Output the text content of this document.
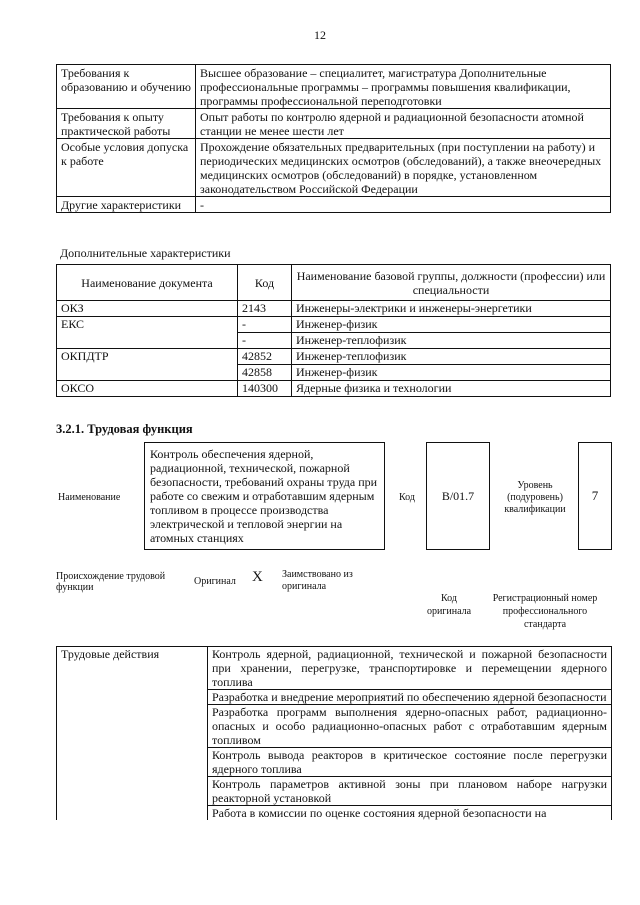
12
Требования к образованию и обучению	Высшее образование – специалитет, магистратура Дополнительные профессиональные программы – программы повышения квалификации, программы профессиональной переподготовки
Требования к опыту практической работы	Опыт работы по контролю ядерной и радиационной безопасности атомной станции не менее шести лет
Особые условия допуска к работе	Прохождение обязательных предварительных (при поступлении на работу) и периодических медицинских осмотров (обследований), а также внеочередных медицинских осмотров (обследований) в порядке, установленном законодательством Российской Федерации
Другие характеристики	-
Дополнительные характеристики
Наименование документа	Код	Наименование базовой группы, должности (профессии) или специальности
ОКЗ	2143	Инженеры-электрики и инженеры-энергетики
ЕКС	-	Инженер-физик
	-	Инженер-теплофизик
ОКПДТР	42852	Инженер-теплофизик
	42858	Инженер-физик
ОКСО	140300	Ядерные физика и технологии
3.2.1. Трудовая функция
Наименование
Контроль обеспечения ядерной, радиационной, технической, пожарной безопасности, требований охраны труда при работе со свежим и отработавшим ядерным топливом в процессе производства электрической и тепловой энергии на атомных станциях
Код	В/01.7
Уровень (подуровень) квалификации
7
Происхождение трудовой функции
Оригинал X Заимствовано из оригинала
Код оригинала
Регистрационный номер профессионального стандарта
Трудовые действия	Контроль ядерной, радиационной, технической и пожарной безопасности при хранении, перегрузке, транспортировке и перемещении ядерного топлива
Разработка и внедрение мероприятий по обеспечению ядерной безопасности
Разработка программ выполнения ядерно-опасных работ, радиационно-опасных и особо радиационно-опасных работ с отработавшим ядерным топливом
Контроль вывода реакторов в критическое состояние после перегрузки ядерного топлива
Контроль параметров активной зоны при плановом наборе нагрузки реакторной установкой
Работа в комиссии по оценке состояния ядерной безопасности на
